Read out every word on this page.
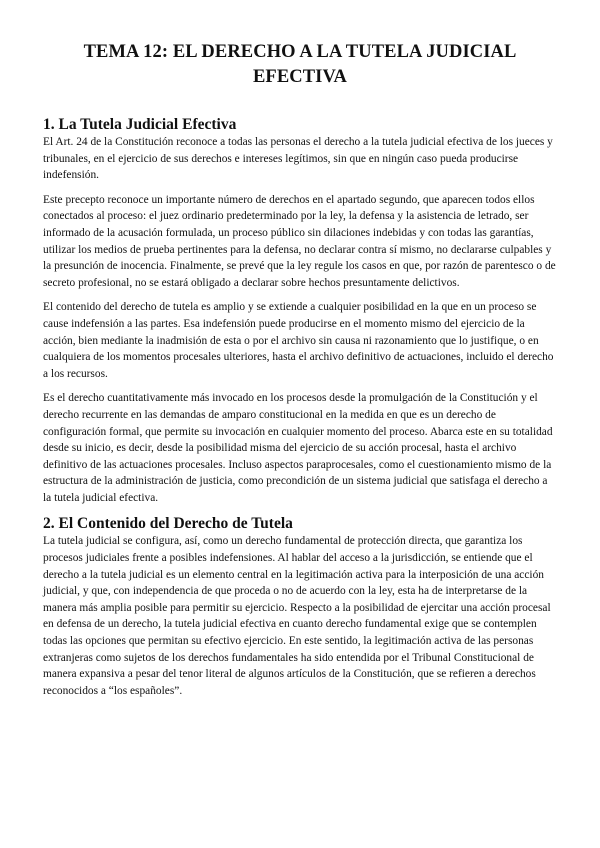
TEMA 12: EL DERECHO A LA TUTELA JUDICIAL EFECTIVA
1. La Tutela Judicial Efectiva

El Art. 24 de la Constitución reconoce a todas las personas el derecho a la tutela judicial efectiva de los jueces y tribunales, en el ejercicio de sus derechos e intereses legítimos, sin que en ningún caso pueda producirse indefensión.

Este precepto reconoce un importante número de derechos en el apartado segundo, que aparecen todos ellos conectados al proceso: el juez ordinario predeterminado por la ley, la defensa y la asistencia de letrado, ser informado de la acusación formulada, un proceso público sin dilaciones indebidas y con todas las garantías, utilizar los medios de prueba pertinentes para la defensa, no declarar contra sí mismo, no declararse culpables y la presunción de inocencia. Finalmente, se prevé que la ley regule los casos en que, por razón de parentesco o de secreto profesional, no se estará obligado a declarar sobre hechos presuntamente delictivos.

El contenido del derecho de tutela es amplio y se extiende a cualquier posibilidad en la que en un proceso se cause indefensión a las partes. Esa indefensión puede producirse en el momento mismo del ejercicio de la acción, bien mediante la inadmisión de esta o por el archivo sin causa ni razonamiento que lo justifique, o en cualquiera de los momentos procesales ulteriores, hasta el archivo definitivo de actuaciones, incluido el derecho a los recursos.

Es el derecho cuantitativamente más invocado en los procesos desde la promulgación de la Constitución y el derecho recurrente en las demandas de amparo constitucional en la medida en que es un derecho de configuración formal, que permite su invocación en cualquier momento del proceso. Abarca este en su totalidad desde su inicio, es decir, desde la posibilidad misma del ejercicio de su acción procesal, hasta el archivo definitivo de las actuaciones procesales. Incluso aspectos paraprocesales, como el cuestionamiento mismo de la estructura de la administración de justicia, como precondición de un sistema judicial que satisfaga el derecho a la tutela judicial efectiva.

2. El Contenido del Derecho de Tutela

La tutela judicial se configura, así, como un derecho fundamental de protección directa, que garantiza los procesos judiciales frente a posibles indefensiones. Al hablar del acceso a la jurisdicción, se entiende que el derecho a la tutela judicial es un elemento central en la legitimación activa para la interposición de una acción judicial, y que, con independencia de que proceda o no de acuerdo con la ley, esta ha de interpretarse de la manera más amplia posible para permitir su ejercicio. Respecto a la posibilidad de ejercitar una acción procesal en defensa de un derecho, la tutela judicial efectiva en cuanto derecho fundamental exige que se contemplen todas las opciones que permitan su efectivo ejercicio. En este sentido, la legitimación activa de las personas extranjeras como sujetos de los derechos fundamentales ha sido entendida por el Tribunal Constitucional de manera expansiva a pesar del tenor literal de algunos artículos de la Constitución, que se refieren a derechos reconocidos a “los españoles”.
